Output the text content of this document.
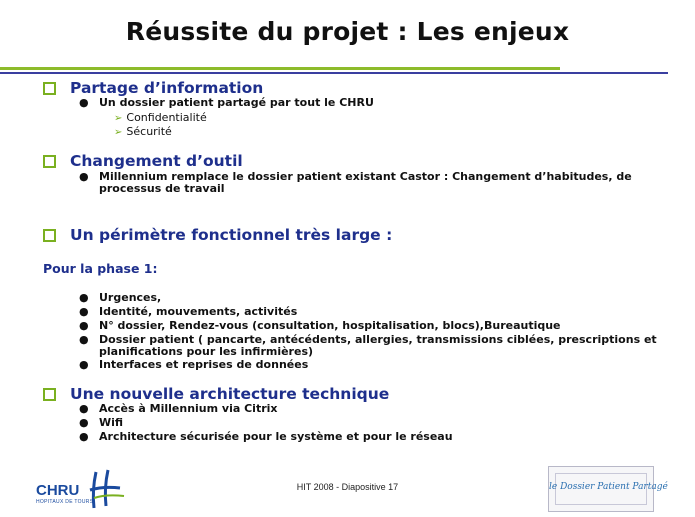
Réussite du projet : Les enjeux
Partage d’information
● Un dossier patient partagé par tout le CHRU
➢ Confidentialité
➢ Sécurité
Changement d’outil
● Millennium remplace le dossier patient existant Castor : Changement d’habitudes, de processus de travail
Un périmètre fonctionnel très large :
Pour la phase 1:
● Urgences,
● Identité, mouvements, activités
● N° dossier, Rendez-vous (consultation, hospitalisation, blocs),Bureautique
● Dossier patient ( pancarte, antécédents, allergies, transmissions ciblées, prescriptions et planifications pour les infirmières)
● Interfaces et reprises de données
Une nouvelle architecture technique
● Accès à Millennium via Citrix
● Wifi
● Architecture sécurisée pour le système et pour le réseau
CHRU
HOPITAUX DE TOURS
HIT 2008 - Diapositive 17	le Dossier Patient Partagé
